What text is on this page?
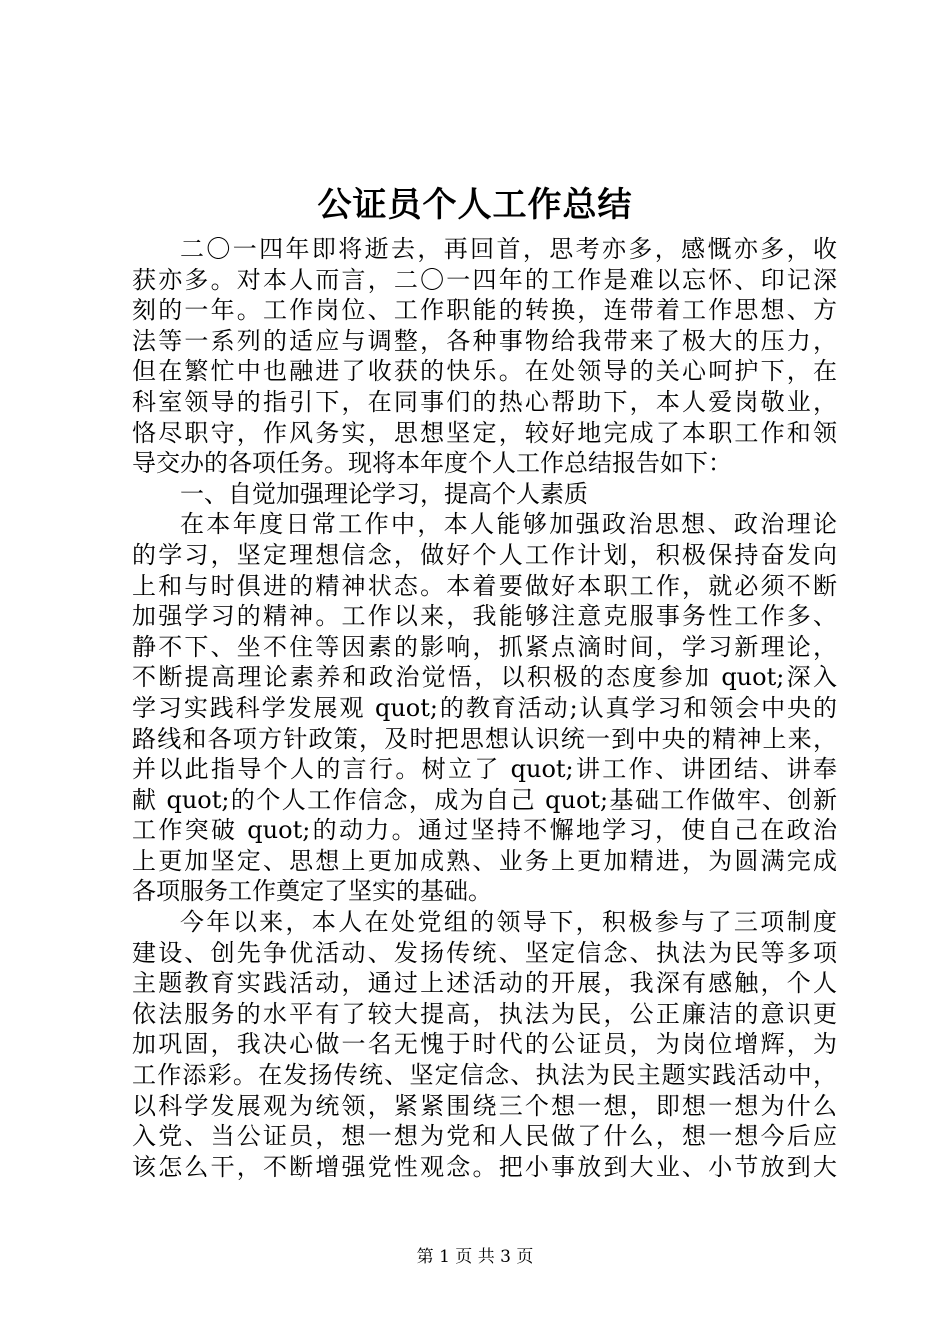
公证员个人工作总结
二〇一四年即将逝去，再回首，思考亦多，感慨亦多，收
获亦多。对本人而言，二〇一四年的工作是难以忘怀、印记深
刻的一年。工作岗位、工作职能的转换，连带着工作思想、方
法等一系列的适应与调整，各种事物给我带来了极大的压力，
但在繁忙中也融进了收获的快乐。在处领导的关心呵护下，在
科室领导的指引下，在同事们的热心帮助下，本人爱岗敬业，
恪尽职守，作风务实，思想坚定，较好地完成了本职工作和领
导交办的各项任务。现将本年度个人工作总结报告如下：
一、自觉加强理论学习，提高个人素质
在本年度日常工作中，本人能够加强政治思想、政治理论
的学习，坚定理想信念，做好个人工作计划，积极保持奋发向
上和与时俱进的精神状态。本着要做好本职工作，就必须不断
加强学习的精神。工作以来，我能够注意克服事务性工作多、
静不下、坐不住等因素的影响，抓紧点滴时间，学习新理论，
不断提高理论素养和政治觉悟，以积极的态度参加 quot;深入
学习实践科学发展观 quot;的教育活动;认真学习和领会中央的
路线和各项方针政策，及时把思想认识统一到中央的精神上来，
并以此指导个人的言行。树立了 quot;讲工作、讲团结、讲奉
献 quot;的个人工作信念，成为自己 quot;基础工作做牢、创新
工作突破 quot;的动力。通过坚持不懈地学习，使自己在政治
上更加坚定、思想上更加成熟、业务上更加精进，为圆满完成
各项服务工作奠定了坚实的基础。
今年以来，本人在处党组的领导下，积极参与了三项制度
建设、创先争优活动、发扬传统、坚定信念、执法为民等多项
主题教育实践活动，通过上述活动的开展，我深有感触，个人
依法服务的水平有了较大提高，执法为民，公正廉洁的意识更
加巩固，我决心做一名无愧于时代的公证员，为岗位增辉，为
工作添彩。在发扬传统、坚定信念、执法为民主题实践活动中，
以科学发展观为统领，紧紧围绕三个想一想，即想一想为什么
入党、当公证员，想一想为党和人民做了什么，想一想今后应
该怎么干，不断增强党性观念。把小事放到大业、小节放到大
第 1 页 共 3 页
